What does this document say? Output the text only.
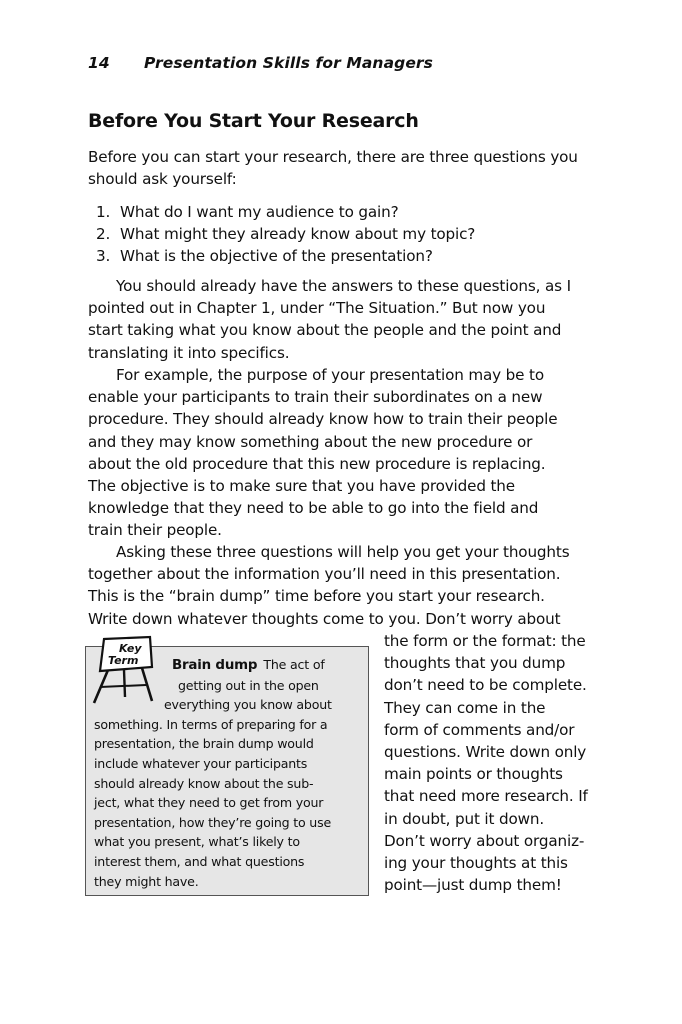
14 Presentation Skills for Managers
Before You Start Your Research
Before you can start your research, there are three questions you should ask yourself:
1. What do I want my audience to gain?
2. What might they already know about my topic?
3. What is the objective of the presentation?
You should already have the answers to these questions, as I
pointed out in Chapter 1, under “The Situation.” But now you
start taking what you know about the people and the point and
translating it into specifics.
For example, the purpose of your presentation may be to
enable your participants to train their subordinates on a new
procedure. They should already know how to train their people
and they may know something about the new procedure or
about the old procedure that this new procedure is replacing.
The objective is to make sure that you have provided the
knowledge that they need to be able to go into the field and
train their people.
Asking these three questions will help you get your thoughts
together about the information you’ll need in this presentation.
This is the “brain dump” time before you start your research.
Write down whatever thoughts come to you. Don’t worry about
the form or the format: the
thoughts that you dump
don’t need to be complete.
They can come in the
form of comments and/or
questions. Write down only
main points or thoughts
that need more research. If
in doubt, put it down.
Don’t worry about organiz-
ing your thoughts at this
point—just dump them!
Key
Term	Brain dump  The act of
getting out in the open
everything you know about
something. In terms of preparing for a
presentation, the brain dump would
include whatever your participants
should already know about the sub-
ject, what they need to get from your
presentation, how they’re going to use
what you present, what’s likely to
interest them, and what questions
they might have.
